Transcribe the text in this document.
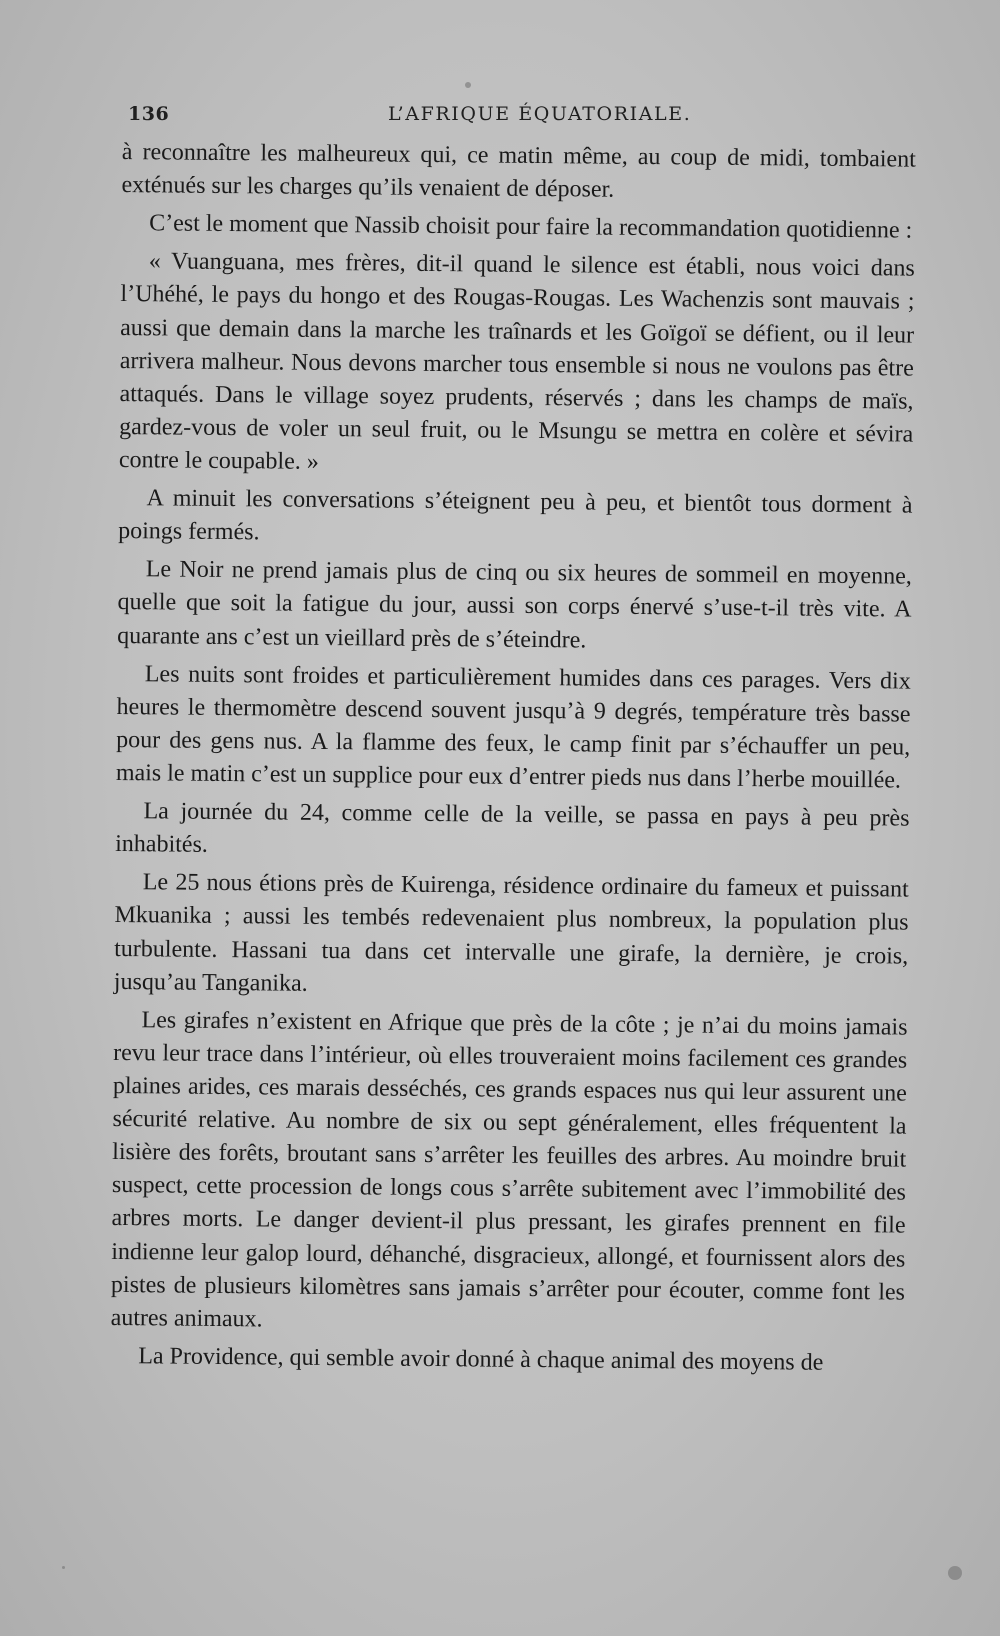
136	L’AFRIQUE ÉQUATORIALE.

à reconnaître les malheureux qui, ce matin même, au coup de midi, tombaient exténués sur les charges qu’ils venaient de déposer.

C’est le moment que Nassib choisit pour faire la recommandation quotidienne :

« Vuanguana, mes frères, dit-il quand le silence est établi, nous voici dans l’Uhéhé, le pays du hongo et des Rougas-Rougas. Les Wachenzis sont mauvais ; aussi que demain dans la marche les traînards et les Goïgoï se défient, ou il leur arrivera malheur. Nous devons marcher tous ensemble si nous ne voulons pas être attaqués. Dans le village soyez prudents, réservés ; dans les champs de maïs, gardez-vous de voler un seul fruit, ou le Msungu se mettra en colère et sévira contre le coupable. »

A minuit les conversations s’éteignent peu à peu, et bientôt tous dorment à poings fermés.

Le Noir ne prend jamais plus de cinq ou six heures de sommeil en moyenne, quelle que soit la fatigue du jour, aussi son corps énervé s’use-t-il très vite. A quarante ans c’est un vieillard près de s’éteindre.

Les nuits sont froides et particulièrement humides dans ces parages. Vers dix heures le thermomètre descend souvent jusqu’à 9 degrés, température très basse pour des gens nus. A la flamme des feux, le camp finit par s’échauffer un peu, mais le matin c’est un supplice pour eux d’entrer pieds nus dans l’herbe mouillée.

La journée du 24, comme celle de la veille, se passa en pays à peu près inhabités.

Le 25 nous étions près de Kuirenga, résidence ordinaire du fameux et puissant Mkuanika ; aussi les tembés redevenaient plus nombreux, la population plus turbulente. Hassani tua dans cet intervalle une girafe, la dernière, je crois, jusqu’au Tanganika.

Les girafes n’existent en Afrique que près de la côte ; je n’ai du moins jamais revu leur trace dans l’intérieur, où elles trouveraient moins facilement ces grandes plaines arides, ces marais desséchés, ces grands espaces nus qui leur assurent une sécurité relative. Au nombre de six ou sept généralement, elles fréquentent la lisière des forêts, broutant sans s’arrêter les feuilles des arbres. Au moindre bruit suspect, cette procession de longs cous s’arrête subitement avec l’immobilité des arbres morts. Le danger devient-il plus pressant, les girafes prennent en file indienne leur galop lourd, déhanché, disgracieux, allongé, et fournissent alors des pistes de plusieurs kilomètres sans jamais s’arrêter pour écouter, comme font les autres animaux.

La Providence, qui semble avoir donné à chaque animal des moyens de
